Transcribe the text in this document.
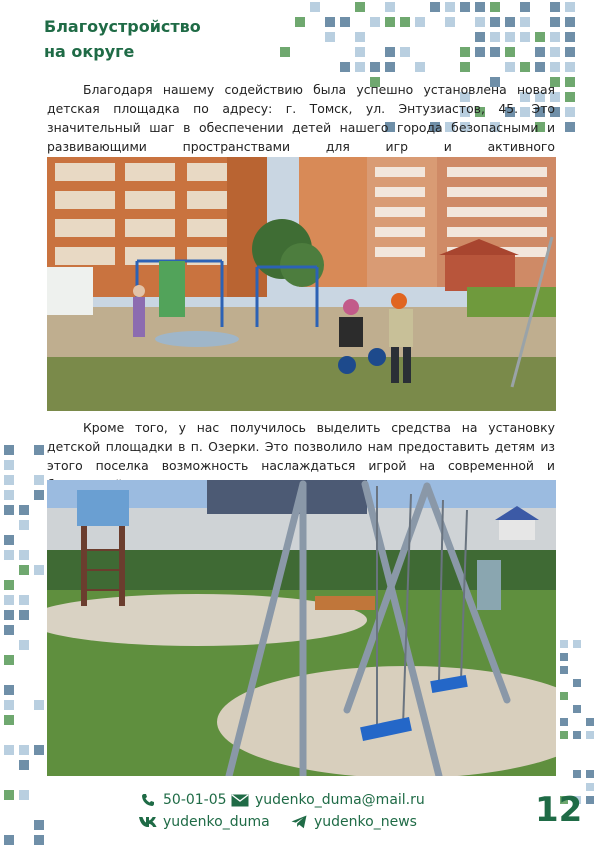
Благоустройство
на округе

Благодаря нашему содействию была успешно установлена новая детская площадка по адресу: г. Томск, ул. Энтузиастов, 45. Это значительный шаг в обеспечении детей нашего города безопасными и развивающими пространствами для игр и активного

Кроме того, у нас получилось выделить средства на установку детской площадки в п. Озерки. Это позволило нам предоставить детям из этого поселка возможность наслаждаться игрой на современной и

50-01-05 yudenko_duma@mail.ru
yudenko_duma	yudenko_news	12
